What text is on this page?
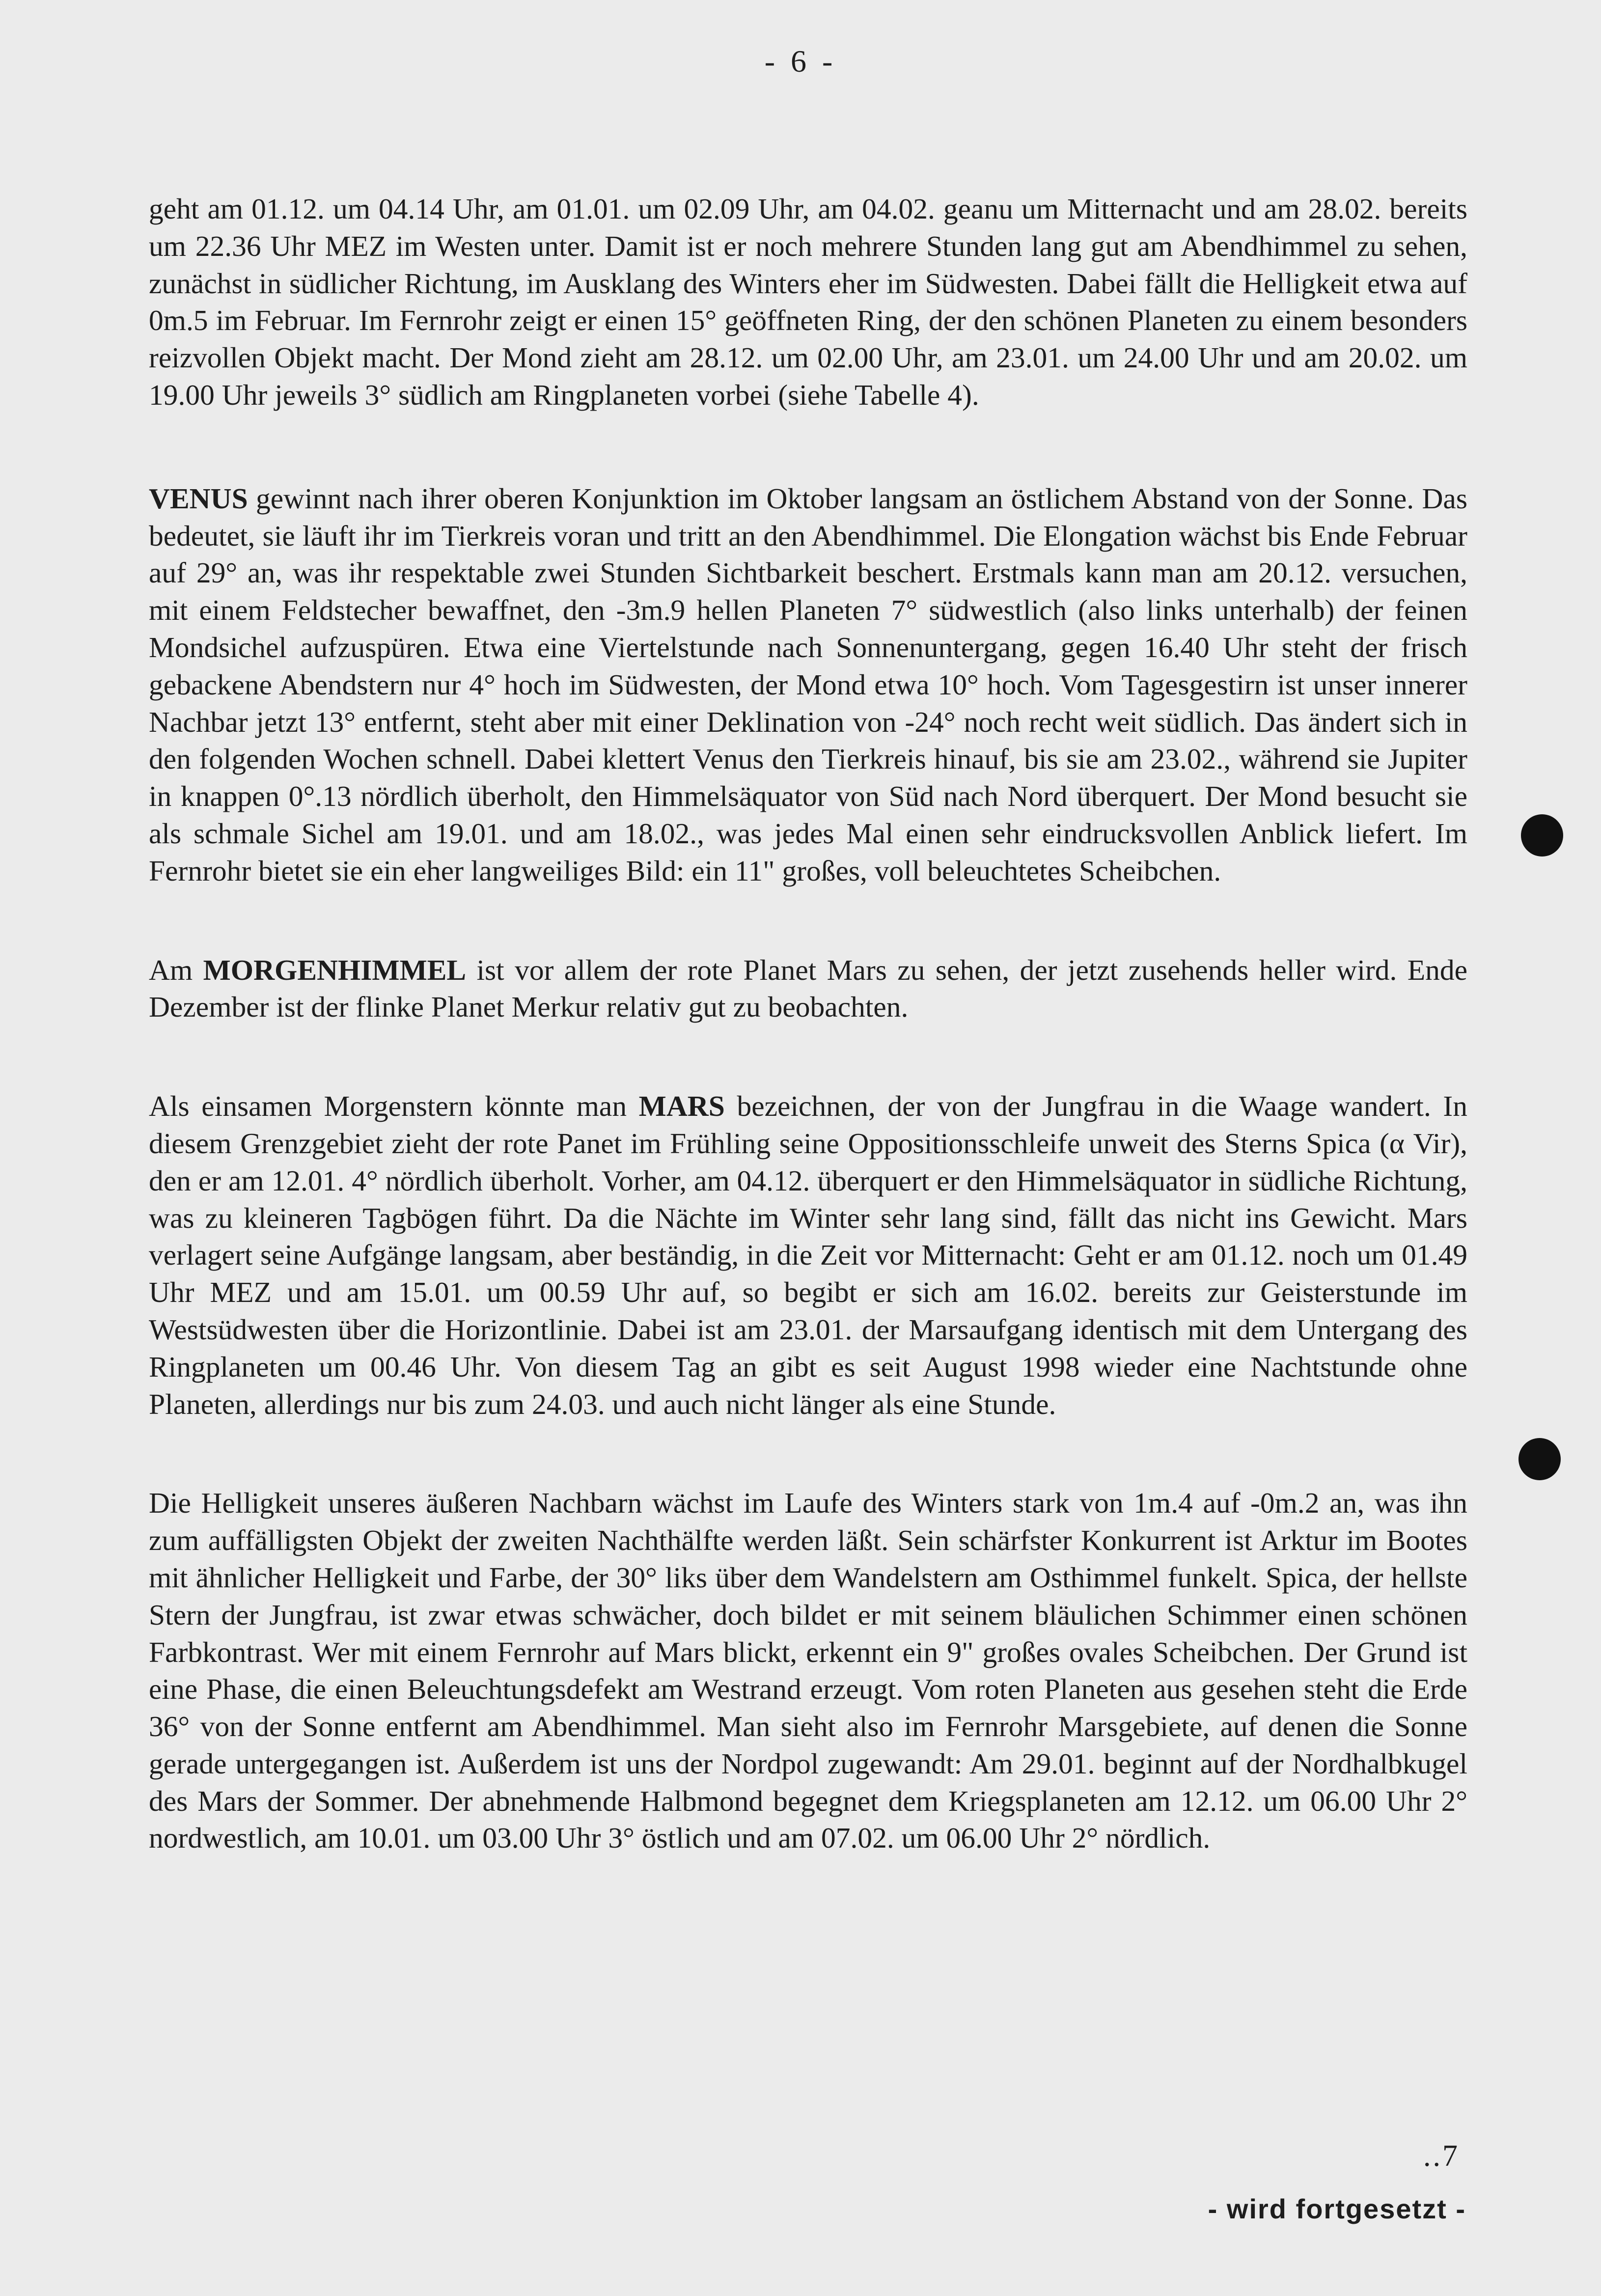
- 6 -

geht am 01.12. um 04.14 Uhr, am 01.01. um 02.09 Uhr, am 04.02. geanu um Mitternacht und am 28.02. bereits um 22.36 Uhr MEZ im Westen unter. Damit ist er noch mehrere Stunden lang gut am Abendhimmel zu sehen, zunächst in südlicher Richtung, im Ausklang des Winters eher im Südwesten. Dabei fällt die Helligkeit etwa auf 0m.5 im Februar. Im Fernrohr zeigt er einen 15° geöffneten Ring, der den schönen Planeten zu einem besonders reizvollen Objekt macht. Der Mond zieht am 28.12. um 02.00 Uhr, am 23.01. um 24.00 Uhr und am 20.02. um 19.00 Uhr jeweils 3° südlich am Ringplaneten vorbei (siehe Tabelle 4).

VENUS gewinnt nach ihrer oberen Konjunktion im Oktober langsam an östlichem Abstand von der Sonne. Das bedeutet, sie läuft ihr im Tierkreis voran und tritt an den Abendhimmel. Die Elongation wächst bis Ende Februar auf 29° an, was ihr respektable zwei Stunden Sichtbarkeit beschert. Erstmals kann man am 20.12. versuchen, mit einem Feldstecher bewaffnet, den -3m.9 hellen Planeten 7° südwestlich (also links unterhalb) der feinen Mondsichel aufzuspüren. Etwa eine Viertelstunde nach Sonnenuntergang, gegen 16.40 Uhr steht der frisch gebackene Abendstern nur 4° hoch im Südwesten, der Mond etwa 10° hoch. Vom Tagesgestirn ist unser innerer Nachbar jetzt 13° entfernt, steht aber mit einer Deklination von -24° noch recht weit südlich. Das ändert sich in den folgenden Wochen schnell. Dabei klettert Venus den Tierkreis hinauf, bis sie am 23.02., während sie Jupiter in knappen 0°.13 nördlich überholt, den Himmelsäquator von Süd nach Nord überquert. Der Mond besucht sie als schmale Sichel am 19.01. und am 18.02., was jedes Mal einen sehr eindrucksvollen Anblick liefert. Im Fernrohr bietet sie ein eher langweiliges Bild: ein 11" großes, voll beleuchtetes Scheibchen.

Am MORGENHIMMEL ist vor allem der rote Planet Mars zu sehen, der jetzt zusehends heller wird. Ende Dezember ist der flinke Planet Merkur relativ gut zu beobachten.

Als einsamen Morgenstern könnte man MARS bezeichnen, der von der Jungfrau in die Waage wandert. In diesem Grenzgebiet zieht der rote Panet im Frühling seine Oppositionsschleife unweit des Sterns Spica (α Vir), den er am 12.01. 4° nördlich überholt. Vorher, am 04.12. überquert er den Himmelsäquator in südliche Richtung, was zu kleineren Tagbögen führt. Da die Nächte im Winter sehr lang sind, fällt das nicht ins Gewicht. Mars verlagert seine Aufgänge langsam, aber beständig, in die Zeit vor Mitternacht: Geht er am 01.12. noch um 01.49 Uhr MEZ und am 15.01. um 00.59 Uhr auf, so begibt er sich am 16.02. bereits zur Geisterstunde im Westsüdwesten über die Horizontlinie. Dabei ist am 23.01. der Marsaufgang identisch mit dem Untergang des Ringplaneten um 00.46 Uhr. Von diesem Tag an gibt es seit August 1998 wieder eine Nachtstunde ohne Planeten, allerdings nur bis zum 24.03. und auch nicht länger als eine Stunde.

Die Helligkeit unseres äußeren Nachbarn wächst im Laufe des Winters stark von 1m.4 auf -0m.2 an, was ihn zum auffälligsten Objekt der zweiten Nachthälfte werden läßt. Sein schärfster Konkurrent ist Arktur im Bootes mit ähnlicher Helligkeit und Farbe, der 30° liks über dem Wandelstern am Osthimmel funkelt. Spica, der hellste Stern der Jungfrau, ist zwar etwas schwächer, doch bildet er mit seinem bläulichen Schimmer einen schönen Farbkontrast. Wer mit einem Fernrohr auf Mars blickt, erkennt ein 9" großes ovales Scheibchen. Der Grund ist eine Phase, die einen Beleuchtungsdefekt am Westrand erzeugt. Vom roten Planeten aus gesehen steht die Erde 36° von der Sonne entfernt am Abendhimmel. Man sieht also im Fernrohr Marsgebiete, auf denen die Sonne gerade untergegangen ist. Außerdem ist uns der Nordpol zugewandt: Am 29.01. beginnt auf der Nordhalbkugel des Mars der Sommer. Der abnehmende Halbmond begegnet dem Kriegsplaneten am 12.12. um 06.00 Uhr 2° nordwestlich, am 10.01. um 03.00 Uhr 3° östlich und am 07.02. um 06.00 Uhr 2° nördlich.

..7
- wird fortgesetzt -
